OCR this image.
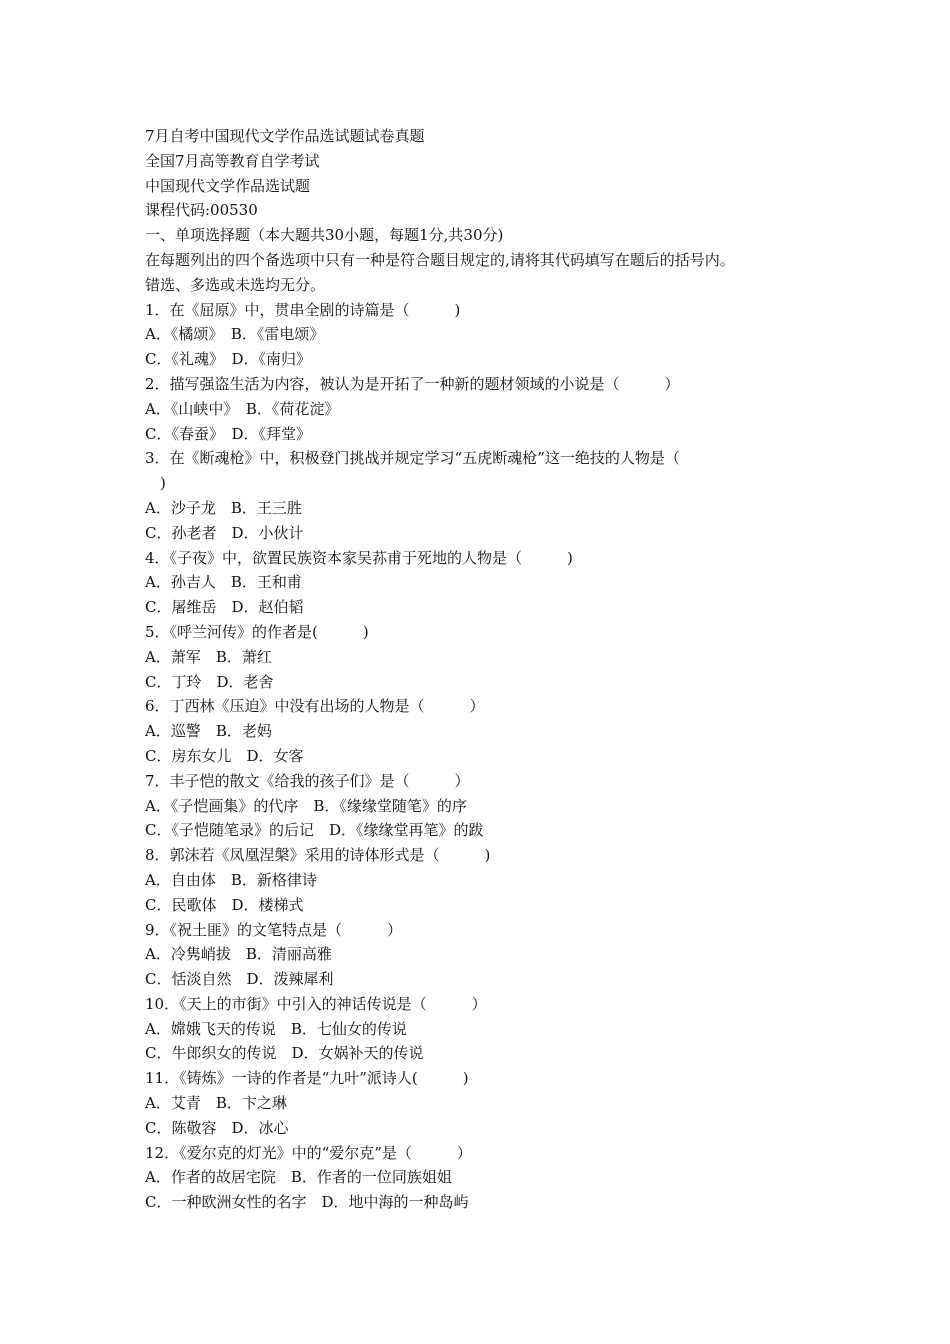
7月自考中国现代文学作品选试题试卷真题
全国7月高等教育自学考试
中国现代文学作品选试题
课程代码:00530
一、单项选择题（本大题共30小题，每题1分,共30分)
在每题列出的四个备选项中只有一种是符合题目规定的,请将其代码填写在题后的括号内。
错选、多选或未选均无分。
1．在《屈原》中，贯串全剧的诗篇是（　　　)
A．《橘颂》　B．《雷电颂》
C．《礼魂》　D．《南归》
2．描写强盗生活为内容，被认为是开拓了一种新的题材领域的小说是（　　　）
A．《山峡中》　B．《荷花淀》
C．《春蚕》　D．《拜堂》
3．在《断魂枪》中，积极登门挑战并规定学习“五虎断魂枪”这一绝技的人物是（
　)
A．沙子龙　B．王三胜
C．孙老者　D．小伙计
4．《子夜》中，欲置民族资本家吴荪甫于死地的人物是（　　　)
A．孙吉人　B．王和甫
C．屠维岳　D．赵伯韬
5．《呼兰河传》的作者是(　　　)
A．萧军　B．萧红
C．丁玲　D．老舍
6．丁西林《压迫》中没有出场的人物是（　　　）
A．巡警　B．老妈
C．房东女儿　D．女客
7．丰子恺的散文《给我的孩子们》是（　　　）
A．《子恺画集》的代序　B．《缘缘堂随笔》的序
C．《子恺随笔录》的后记　D．《缘缘堂再笔》的跋
8．郭沫若《凤凰涅槃》采用的诗体形式是（　　　)
A．自由体　B．新格律诗
C．民歌体　D．楼梯式
9．《祝土匪》的文笔特点是（　　　）
A．冷隽峭拔　B．清丽高雅
C．恬淡自然　D．泼辣犀利
10．《天上的市街》中引入的神话传说是（　　　）
A．嫦娥飞天的传说　B．七仙女的传说
C．牛郎织女的传说　D．女娲补天的传说
11．《铸炼》一诗的作者是“九叶”派诗人(　　　)
A．艾青　B．卞之琳
C．陈敬容　D．冰心
12．《爱尔克的灯光》中的“爱尔克”是（　　　）
A．作者的故居宅院　B．作者的一位同族姐姐
C．一种欧洲女性的名字　D．地中海的一种岛屿
